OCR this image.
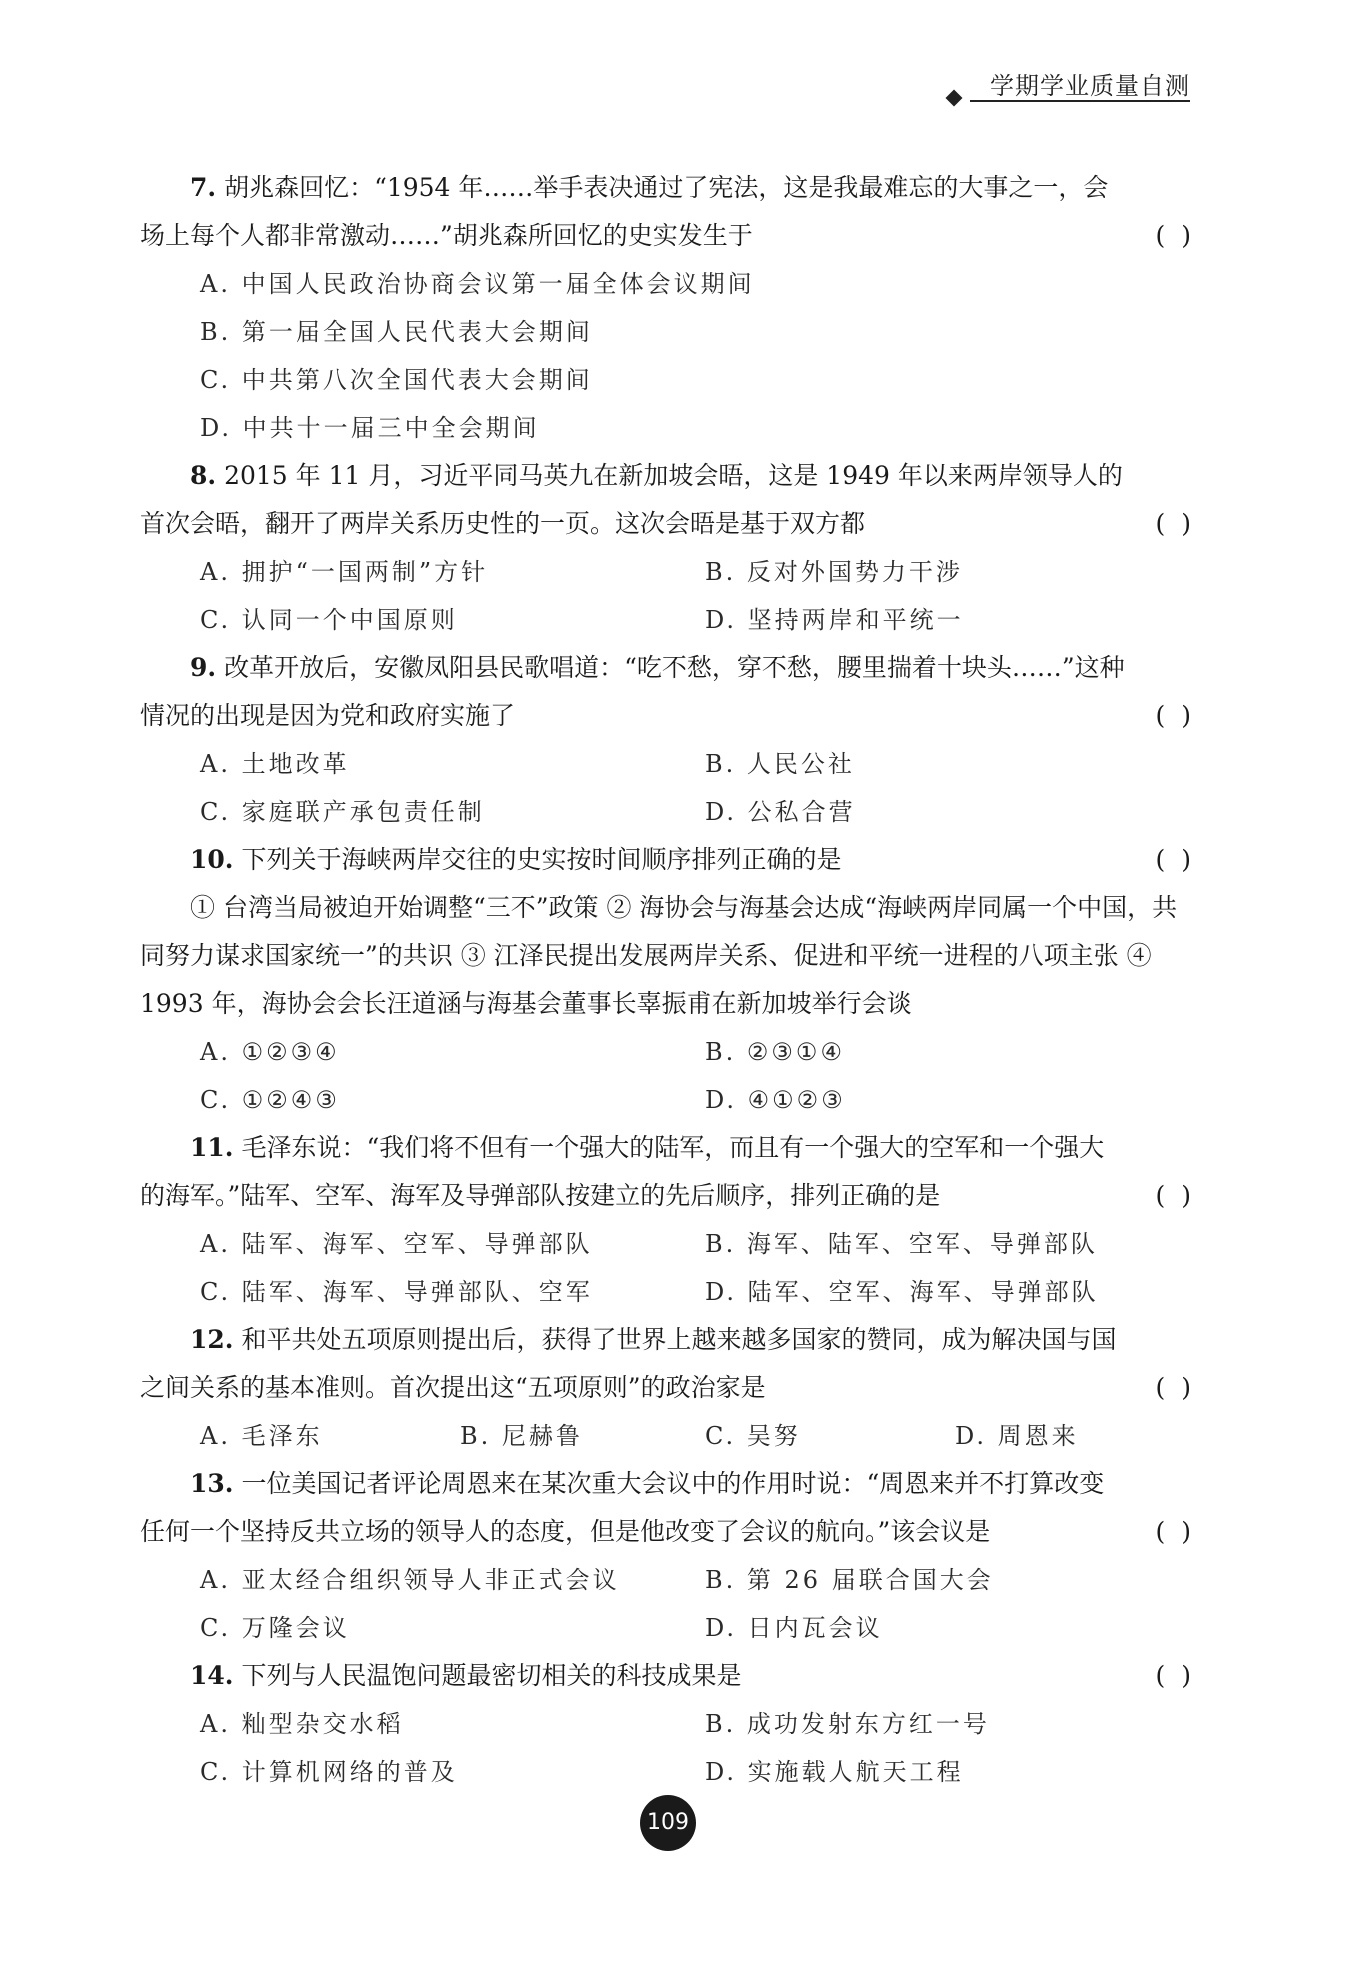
学期学业质量自测

7. 胡兆森回忆：“1954 年……举手表决通过了宪法，这是我最难忘的大事之一，会场上每个人都非常激动……”胡兆森所回忆的史实发生于	( )

A. 中国人民政治协商会议第一届全体会议期间

B. 第一届全国人民代表大会期间

C. 中共第八次全国代表大会期间

D. 中共十一届三中全会期间

8. 2015 年 11 月，习近平同马英九在新加坡会晤，这是 1949 年以来两岸领导人的首次会晤，翻开了两岸关系历史性的一页。这次会晤是基于双方都	( )

A. 拥护“一国两制”方针	B. 反对外国势力干涉
C. 认同一个中国原则	D. 坚持两岸和平统一

9. 改革开放后，安徽凤阳县民歌唱道：“吃不愁，穿不愁，腰里揣着十块头……”这种情况的出现是因为党和政府实施了	( )

A. 土地改革	B. 人民公社
C. 家庭联产承包责任制	D. 公私合营

10. 下列关于海峡两岸交往的史实按时间顺序排列正确的是	( )

① 台湾当局被迫开始调整“三不”政策 ② 海协会与海基会达成“海峡两岸同属一个中国，共同努力谋求国家统一”的共识 ③ 江泽民提出发展两岸关系、促进和平统一进程的八项主张 ④ 1993 年，海协会会长汪道涵与海基会董事长辜振甫在新加坡举行会谈

A. ①②③④	B. ②③①④
C. ①②④③	D. ④①②③

11. 毛泽东说：“我们将不但有一个强大的陆军，而且有一个强大的空军和一个强大的海军。”陆军、空军、海军及导弹部队按建立的先后顺序，排列正确的是	( )

A. 陆军、海军、空军、导弹部队	B. 海军、陆军、空军、导弹部队
C. 陆军、海军、导弹部队、空军	D. 陆军、空军、海军、导弹部队

12. 和平共处五项原则提出后，获得了世界上越来越多国家的赞同，成为解决国与国之间关系的基本准则。首次提出这“五项原则”的政治家是	( )

A. 毛泽东	B. 尼赫鲁	C. 吴努	D. 周恩来

13. 一位美国记者评论周恩来在某次重大会议中的作用时说：“周恩来并不打算改变任何一个坚持反共立场的领导人的态度，但是他改变了会议的航向。”该会议是	( )

A. 亚太经合组织领导人非正式会议	B. 第 26 届联合国大会
C. 万隆会议	D. 日内瓦会议

14. 下列与人民温饱问题最密切相关的科技成果是	( )

A. 籼型杂交水稻	B. 成功发射东方红一号
C. 计算机网络的普及	D. 实施载人航天工程
109
